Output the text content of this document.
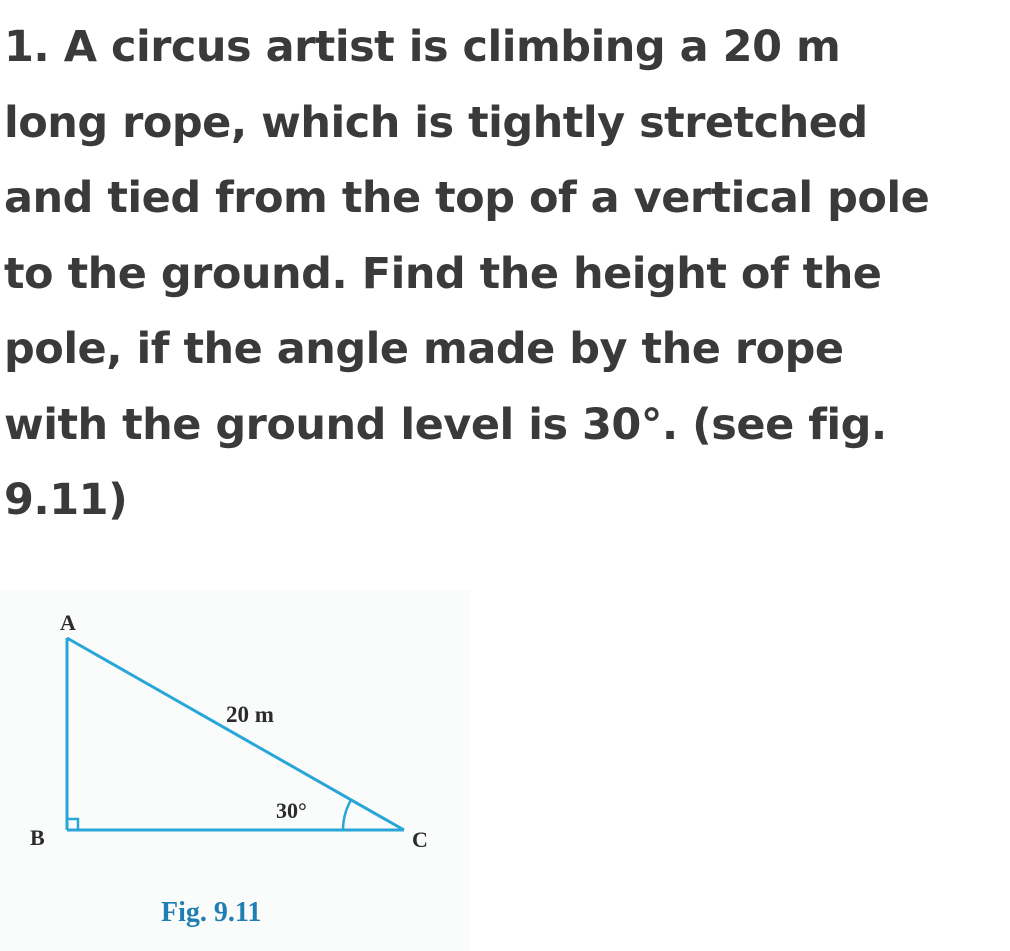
1. A circus artist is climbing a 20 m
long rope, which is tightly stretched
and tied from the top of a vertical pole
to the ground. Find the height of the
pole, if the angle made by the rope
with the ground level is 30°. (see fig.
9.11)
A
B	C
20 m
30°
Fig. 9.11
